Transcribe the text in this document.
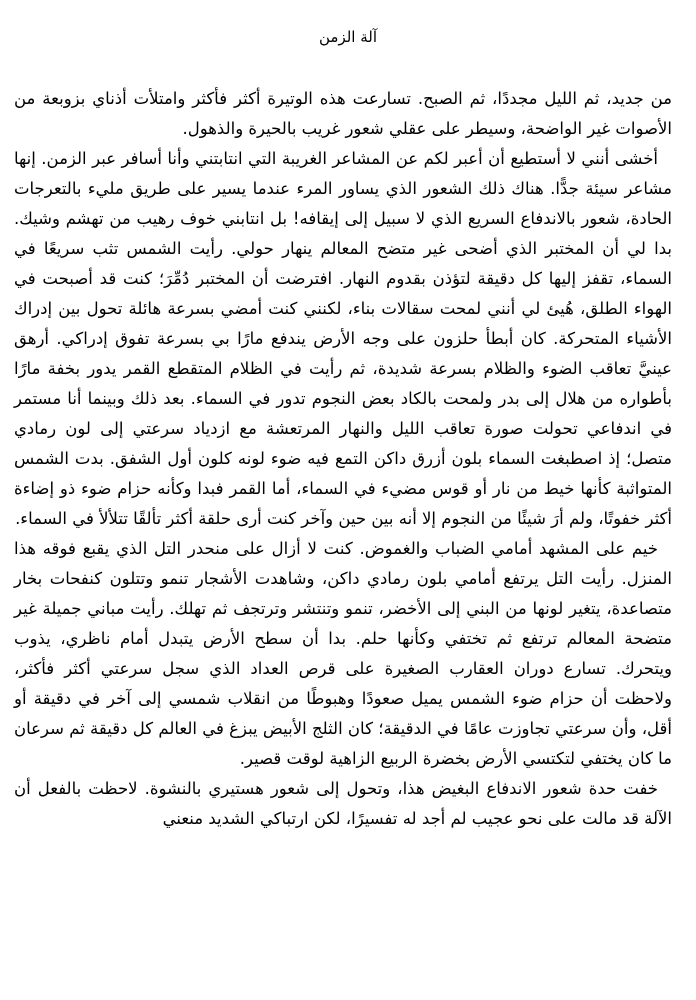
آلة الزمن

من جديد، ثم الليل مجددًا، ثم الصبح. تسارعت هذه الوتيرة أكثر فأكثر وامتلأت أذناي بزوبعة من الأصوات غير الواضحة، وسيطر على عقلي شعور غريب بالحيرة والذهول.

أخشى أنني لا أستطيع أن أعبر لكم عن المشاعر الغريبة التي انتابتني وأنا أسافر عبر الزمن. إنها مشاعر سيئة جدًّا. هناك ذلك الشعور الذي يساور المرء عندما يسير على طريق مليء بالتعرجات الحادة، شعور بالاندفاع السريع الذي لا سبيل إلى إيقافه! بل انتابني خوف رهيب من تهشم وشيك. بدا لي أن المختبر الذي أضحى غير متضح المعالم ينهار حولي. رأيت الشمس تثب سريعًا في السماء، تقفز إليها كل دقيقة لتؤذن بقدوم النهار. افترضت أن المختبر دُمِّرَ؛ كنت قد أصبحت في الهواء الطلق، هُيئ لي أنني لمحت سقالات بناء، لكنني كنت أمضي بسرعة هائلة تحول بين إدراك الأشياء المتحركة. كان أبطأ حلزون على وجه الأرض يندفع مارًا بي بسرعة تفوق إدراكي. أرهق عينيَّ تعاقب الضوء والظلام بسرعة شديدة، ثم رأيت في الظلام المتقطع القمر يدور بخفة مارًا بأطواره من هلال إلى بدر ولمحت بالكاد بعض النجوم تدور في السماء. بعد ذلك وبينما أنا مستمر في اندفاعي تحولت صورة تعاقب الليل والنهار المرتعشة مع ازدياد سرعتي إلى لون رمادي متصل؛ إذ اصطبغت السماء بلون أزرق داكن التمع فيه ضوء لونه كلون أول الشفق. بدت الشمس المتواثبة كأنها خيط من نار أو قوس مضيء في السماء، أما القمر فبدا وكأنه حزام ضوء ذو إضاءة أكثر خفوتًا، ولم أرَ شيئًا من النجوم إلا أنه بين حين وآخر كنت أرى حلقة أكثر تألقًا تتلألأ في السماء.

خيم على المشهد أمامي الضباب والغموض. كنت لا أزال على منحدر التل الذي يقبع فوقه هذا المنزل. رأيت التل يرتفع أمامي بلون رمادي داكن، وشاهدت الأشجار تنمو وتتلون كنفحات بخار متصاعدة، يتغير لونها من البني إلى الأخضر، تنمو وتنتشر وترتجف ثم تهلك. رأيت مباني جميلة غير متضحة المعالم ترتفع ثم تختفي وكأنها حلم. بدا أن سطح الأرض يتبدل أمام ناظري، يذوب ويتحرك. تسارع دوران العقارب الصغيرة على قرص العداد الذي سجل سرعتي أكثر فأكثر، ولاحظت أن حزام ضوء الشمس يميل صعودًا وهبوطًا من انقلاب شمسي إلى آخر في دقيقة أو أقل، وأن سرعتي تجاوزت عامًا في الدقيقة؛ كان الثلج الأبيض يبزغ في العالم كل دقيقة ثم سرعان ما كان يختفي لتكتسي الأرض بخضرة الربيع الزاهية لوقت قصير.

خفت حدة شعور الاندفاع البغيض هذا، وتحول إلى شعور هستيري بالنشوة. لاحظت بالفعل أن الآلة قد مالت على نحو عجيب لم أجد له تفسيرًا، لكن ارتباكي الشديد منعني
